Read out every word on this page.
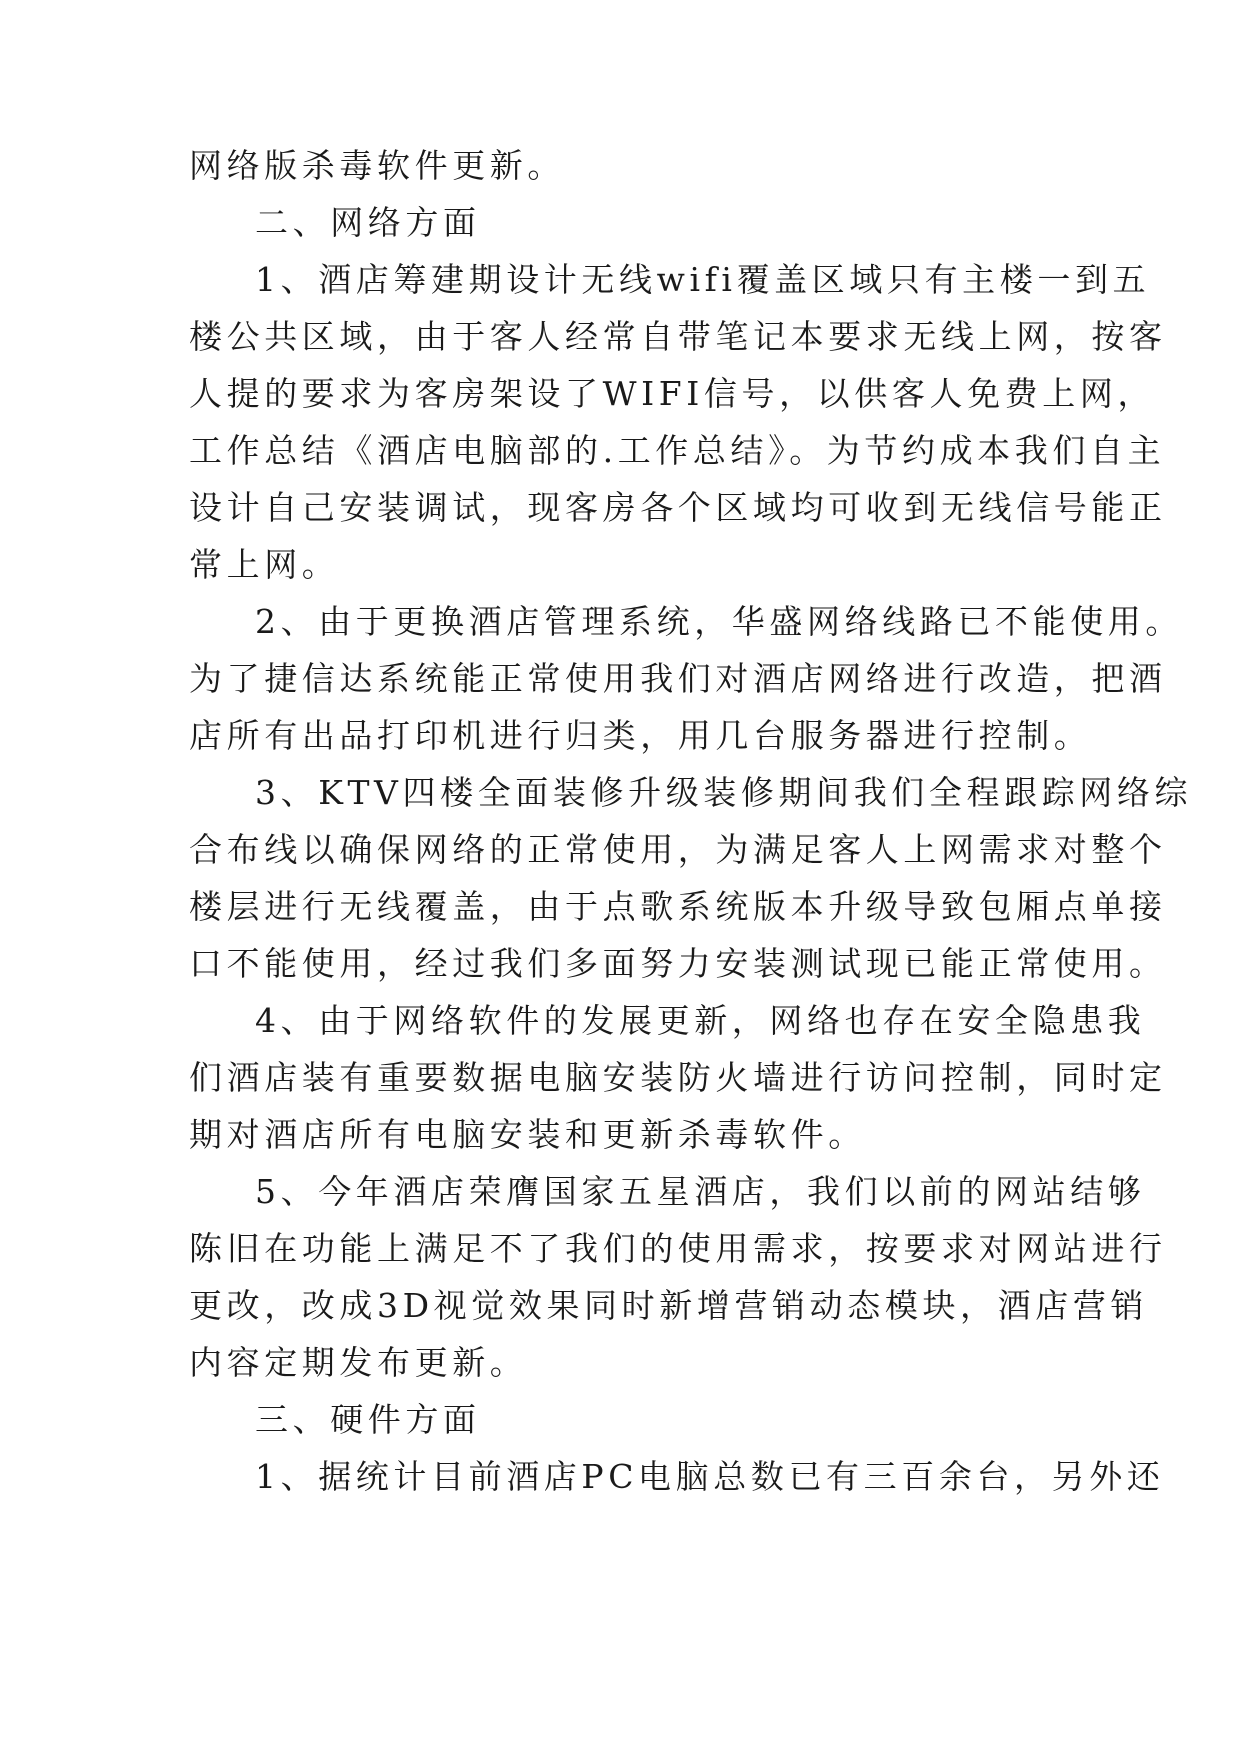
网络版杀毒软件更新。
二、网络方面
1、酒店筹建期设计无线wifi覆盖区域只有主楼一到五
楼公共区域，由于客人经常自带笔记本要求无线上网，按客
人提的要求为客房架设了WIFI信号，以供客人免费上网，
工作总结《酒店电脑部的.工作总结》。为节约成本我们自主
设计自己安装调试，现客房各个区域均可收到无线信号能正
常上网。
2、由于更换酒店管理系统，华盛网络线路已不能使用。
为了捷信达系统能正常使用我们对酒店网络进行改造，把酒
店所有出品打印机进行归类，用几台服务器进行控制。
3、KTV四楼全面装修升级装修期间我们全程跟踪网络综
合布线以确保网络的正常使用，为满足客人上网需求对整个
楼层进行无线覆盖，由于点歌系统版本升级导致包厢点单接
口不能使用，经过我们多面努力安装测试现已能正常使用。
4、由于网络软件的发展更新，网络也存在安全隐患我
们酒店装有重要数据电脑安装防火墙进行访问控制，同时定
期对酒店所有电脑安装和更新杀毒软件。
5、今年酒店荣膺国家五星酒店，我们以前的网站结够
陈旧在功能上满足不了我们的使用需求，按要求对网站进行
更改，改成3D视觉效果同时新增营销动态模块，酒店营销
内容定期发布更新。
三、硬件方面
1、据统计目前酒店PC电脑总数已有三百余台，另外还
